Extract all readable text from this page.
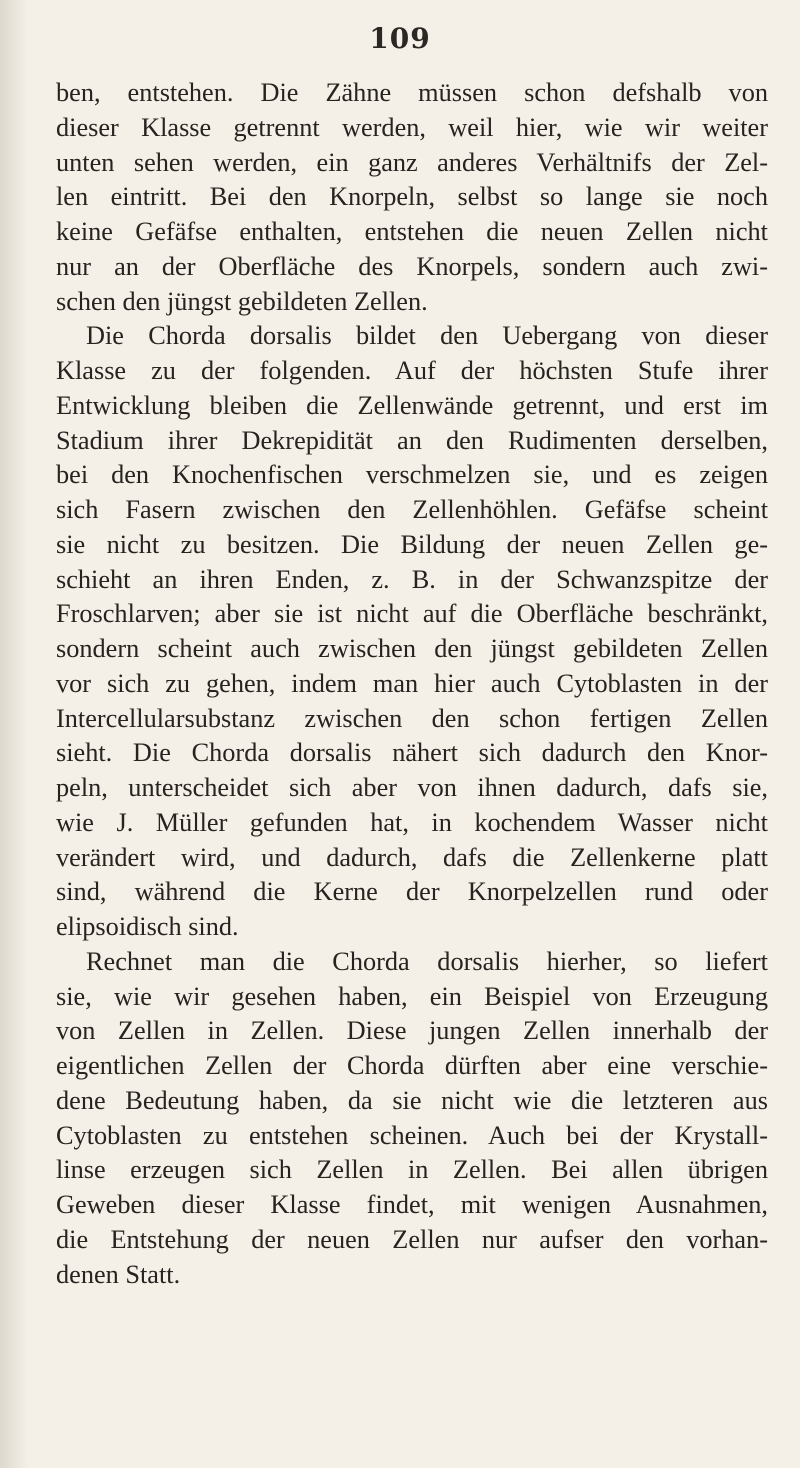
109
ben, entstehen. Die Zähne müssen schon defshalb von
dieser Klasse getrennt werden, weil hier, wie wir weiter
unten sehen werden, ein ganz anderes Verhältnifs der Zel-
len eintritt. Bei den Knorpeln, selbst so lange sie noch
keine Gefäfse enthalten, entstehen die neuen Zellen nicht
nur an der Oberfläche des Knorpels, sondern auch zwi-
schen den jüngst gebildeten Zellen.
Die Chorda dorsalis bildet den Uebergang von dieser
Klasse zu der folgenden. Auf der höchsten Stufe ihrer
Entwicklung bleiben die Zellenwände getrennt, und erst im
Stadium ihrer Dekrepidität an den Rudimenten derselben,
bei den Knochenfischen verschmelzen sie, und es zeigen
sich Fasern zwischen den Zellenhöhlen. Gefäfse scheint
sie nicht zu besitzen. Die Bildung der neuen Zellen ge-
schieht an ihren Enden, z. B. in der Schwanzspitze der
Froschlarven; aber sie ist nicht auf die Oberfläche beschränkt,
sondern scheint auch zwischen den jüngst gebildeten Zellen
vor sich zu gehen, indem man hier auch Cytoblasten in der
Intercellularsubstanz zwischen den schon fertigen Zellen
sieht. Die Chorda dorsalis nähert sich dadurch den Knor-
peln, unterscheidet sich aber von ihnen dadurch, dafs sie,
wie J. Müller gefunden hat, in kochendem Wasser nicht
verändert wird, und dadurch, dafs die Zellenkerne platt
sind, während die Kerne der Knorpelzellen rund oder
elipsoidisch sind.
Rechnet man die Chorda dorsalis hierher, so liefert
sie, wie wir gesehen haben, ein Beispiel von Erzeugung
von Zellen in Zellen. Diese jungen Zellen innerhalb der
eigentlichen Zellen der Chorda dürften aber eine verschie-
dene Bedeutung haben, da sie nicht wie die letzteren aus
Cytoblasten zu entstehen scheinen. Auch bei der Krystall-
linse erzeugen sich Zellen in Zellen. Bei allen übrigen
Geweben dieser Klasse findet, mit wenigen Ausnahmen,
die Entstehung der neuen Zellen nur aufser den vorhan-
denen Statt.
